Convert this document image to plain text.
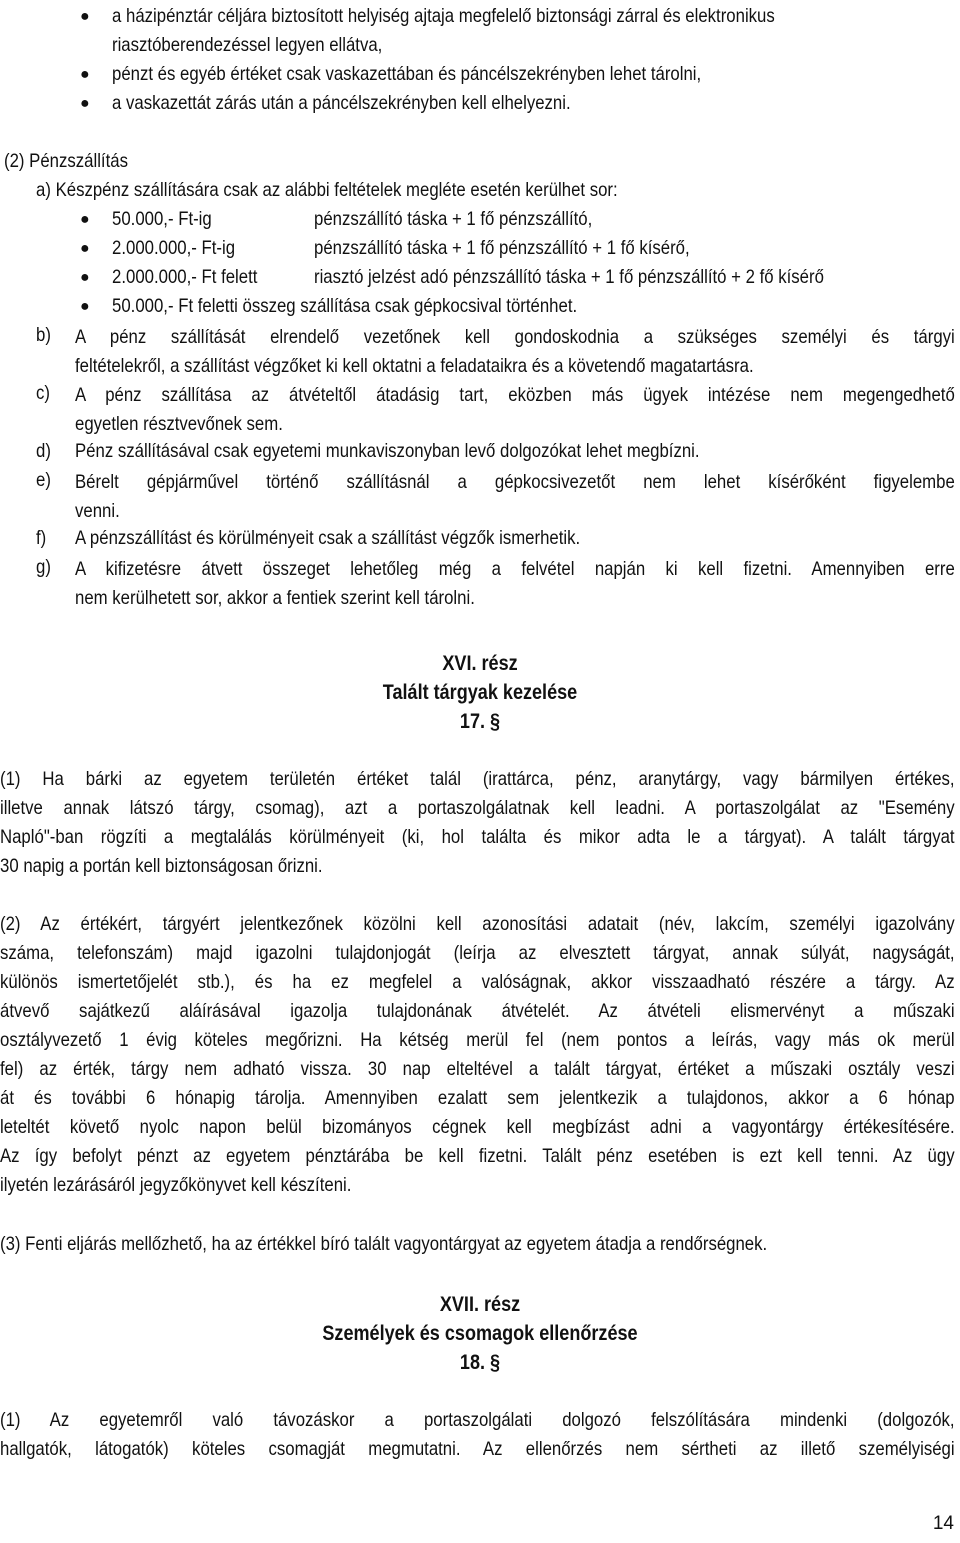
● a házipénztár céljára biztosított helyiség ajtaja megfelelő biztonsági zárral és elektronikus
riasztóberendezéssel legyen ellátva,
● pénzt és egyéb értéket csak vaskazettában és páncélszekrényben lehet tárolni,
● a vaskazettát zárás után a páncélszekrényben kell elhelyezni.
(2) Pénzszállítás
a) Készpénz szállítására csak az alábbi feltételek megléte esetén kerülhet sor:
● 50.000,- Ft-ig	pénzszállító táska + 1 fő pénzszállító,
● 2.000.000,- Ft-ig	pénzszállító táska + 1 fő pénzszállító + 1 fő kísérő,
● 2.000.000,- Ft felett	riasztó jelzést adó pénzszállító táska + 1 fő pénzszállító + 2 fő kísérő
● 50.000,- Ft feletti összeg szállítása csak gépkocsival történhet.
b) A pénz szállítását elrendelő vezetőnek kell gondoskodnia a szükséges személyi és tárgyi
feltételekről, a szállítást végzőket ki kell oktatni a feladataikra és a követendő magatartásra.
c) A pénz szállítása az átvételtől átadásig tart, eközben más ügyek intézése nem megengedhető
egyetlen résztvevőnek sem.
d) Pénz szállításával csak egyetemi munkaviszonyban levő dolgozókat lehet megbízni.
e) Bérelt gépjárművel történő szállításnál a gépkocsivezetőt nem lehet kísérőként figyelembe
venni.
f) A pénzszállítást és körülményeit csak a szállítást végzők ismerhetik.
g) A kifizetésre átvett összeget lehetőleg még a felvétel napján ki kell fizetni. Amennyiben erre
nem kerülhetett sor, akkor a fentiek szerint kell tárolni.
XVI. rész
Talált tárgyak kezelése
17. §
(1) Ha bárki az egyetem területén értéket talál (irattárca, pénz, aranytárgy, vagy bármilyen értékes,
illetve annak látszó tárgy, csomag), azt a portaszolgálatnak kell leadni. A portaszolgálat az "Esemény
Napló"-ban rögzíti a megtalálás körülményeit (ki, hol találta és mikor adta le a tárgyat). A talált tárgyat
30 napig a portán kell biztonságosan őrizni.
(2) Az értékért, tárgyért jelentkezőnek közölni kell azonosítási adatait (név, lakcím, személyi igazolvány
száma, telefonszám) majd igazolni tulajdonjogát (leírja az elvesztett tárgyat, annak súlyát, nagyságát,
különös ismertetőjelét stb.), és ha ez megfelel a valóságnak, akkor visszaadható részére a tárgy. Az
átvevő sajátkezű aláírásával igazolja tulajdonának átvételét. Az átvételi elismervényt a műszaki
osztályvezető 1 évig köteles megőrizni. Ha kétség merül fel (nem pontos a leírás, vagy más ok merül
fel) az érték, tárgy nem adható vissza. 30 nap elteltével a talált tárgyat, értéket a műszaki osztály veszi
át és további 6 hónapig tárolja. Amennyiben ezalatt sem jelentkezik a tulajdonos, akkor a 6 hónap
leteltét követő nyolc napon belül bizományos cégnek kell megbízást adni a vagyontárgy értékesítésére.
Az így befolyt pénzt az egyetem pénztárába be kell fizetni. Talált pénz esetében is ezt kell tenni. Az ügy
ilyetén lezárásáról jegyzőkönyvet kell készíteni.
(3) Fenti eljárás mellőzhető, ha az értékkel bíró talált vagyontárgyat az egyetem átadja a rendőrségnek.
XVII. rész
Személyek és csomagok ellenőrzése
18. §
(1) Az egyetemről való távozáskor a portaszolgálati dolgozó felszólítására mindenki (dolgozók,
hallgatók, látogatók) köteles csomagját megmutatni. Az ellenőrzés nem sértheti az illető személyiségi
14
